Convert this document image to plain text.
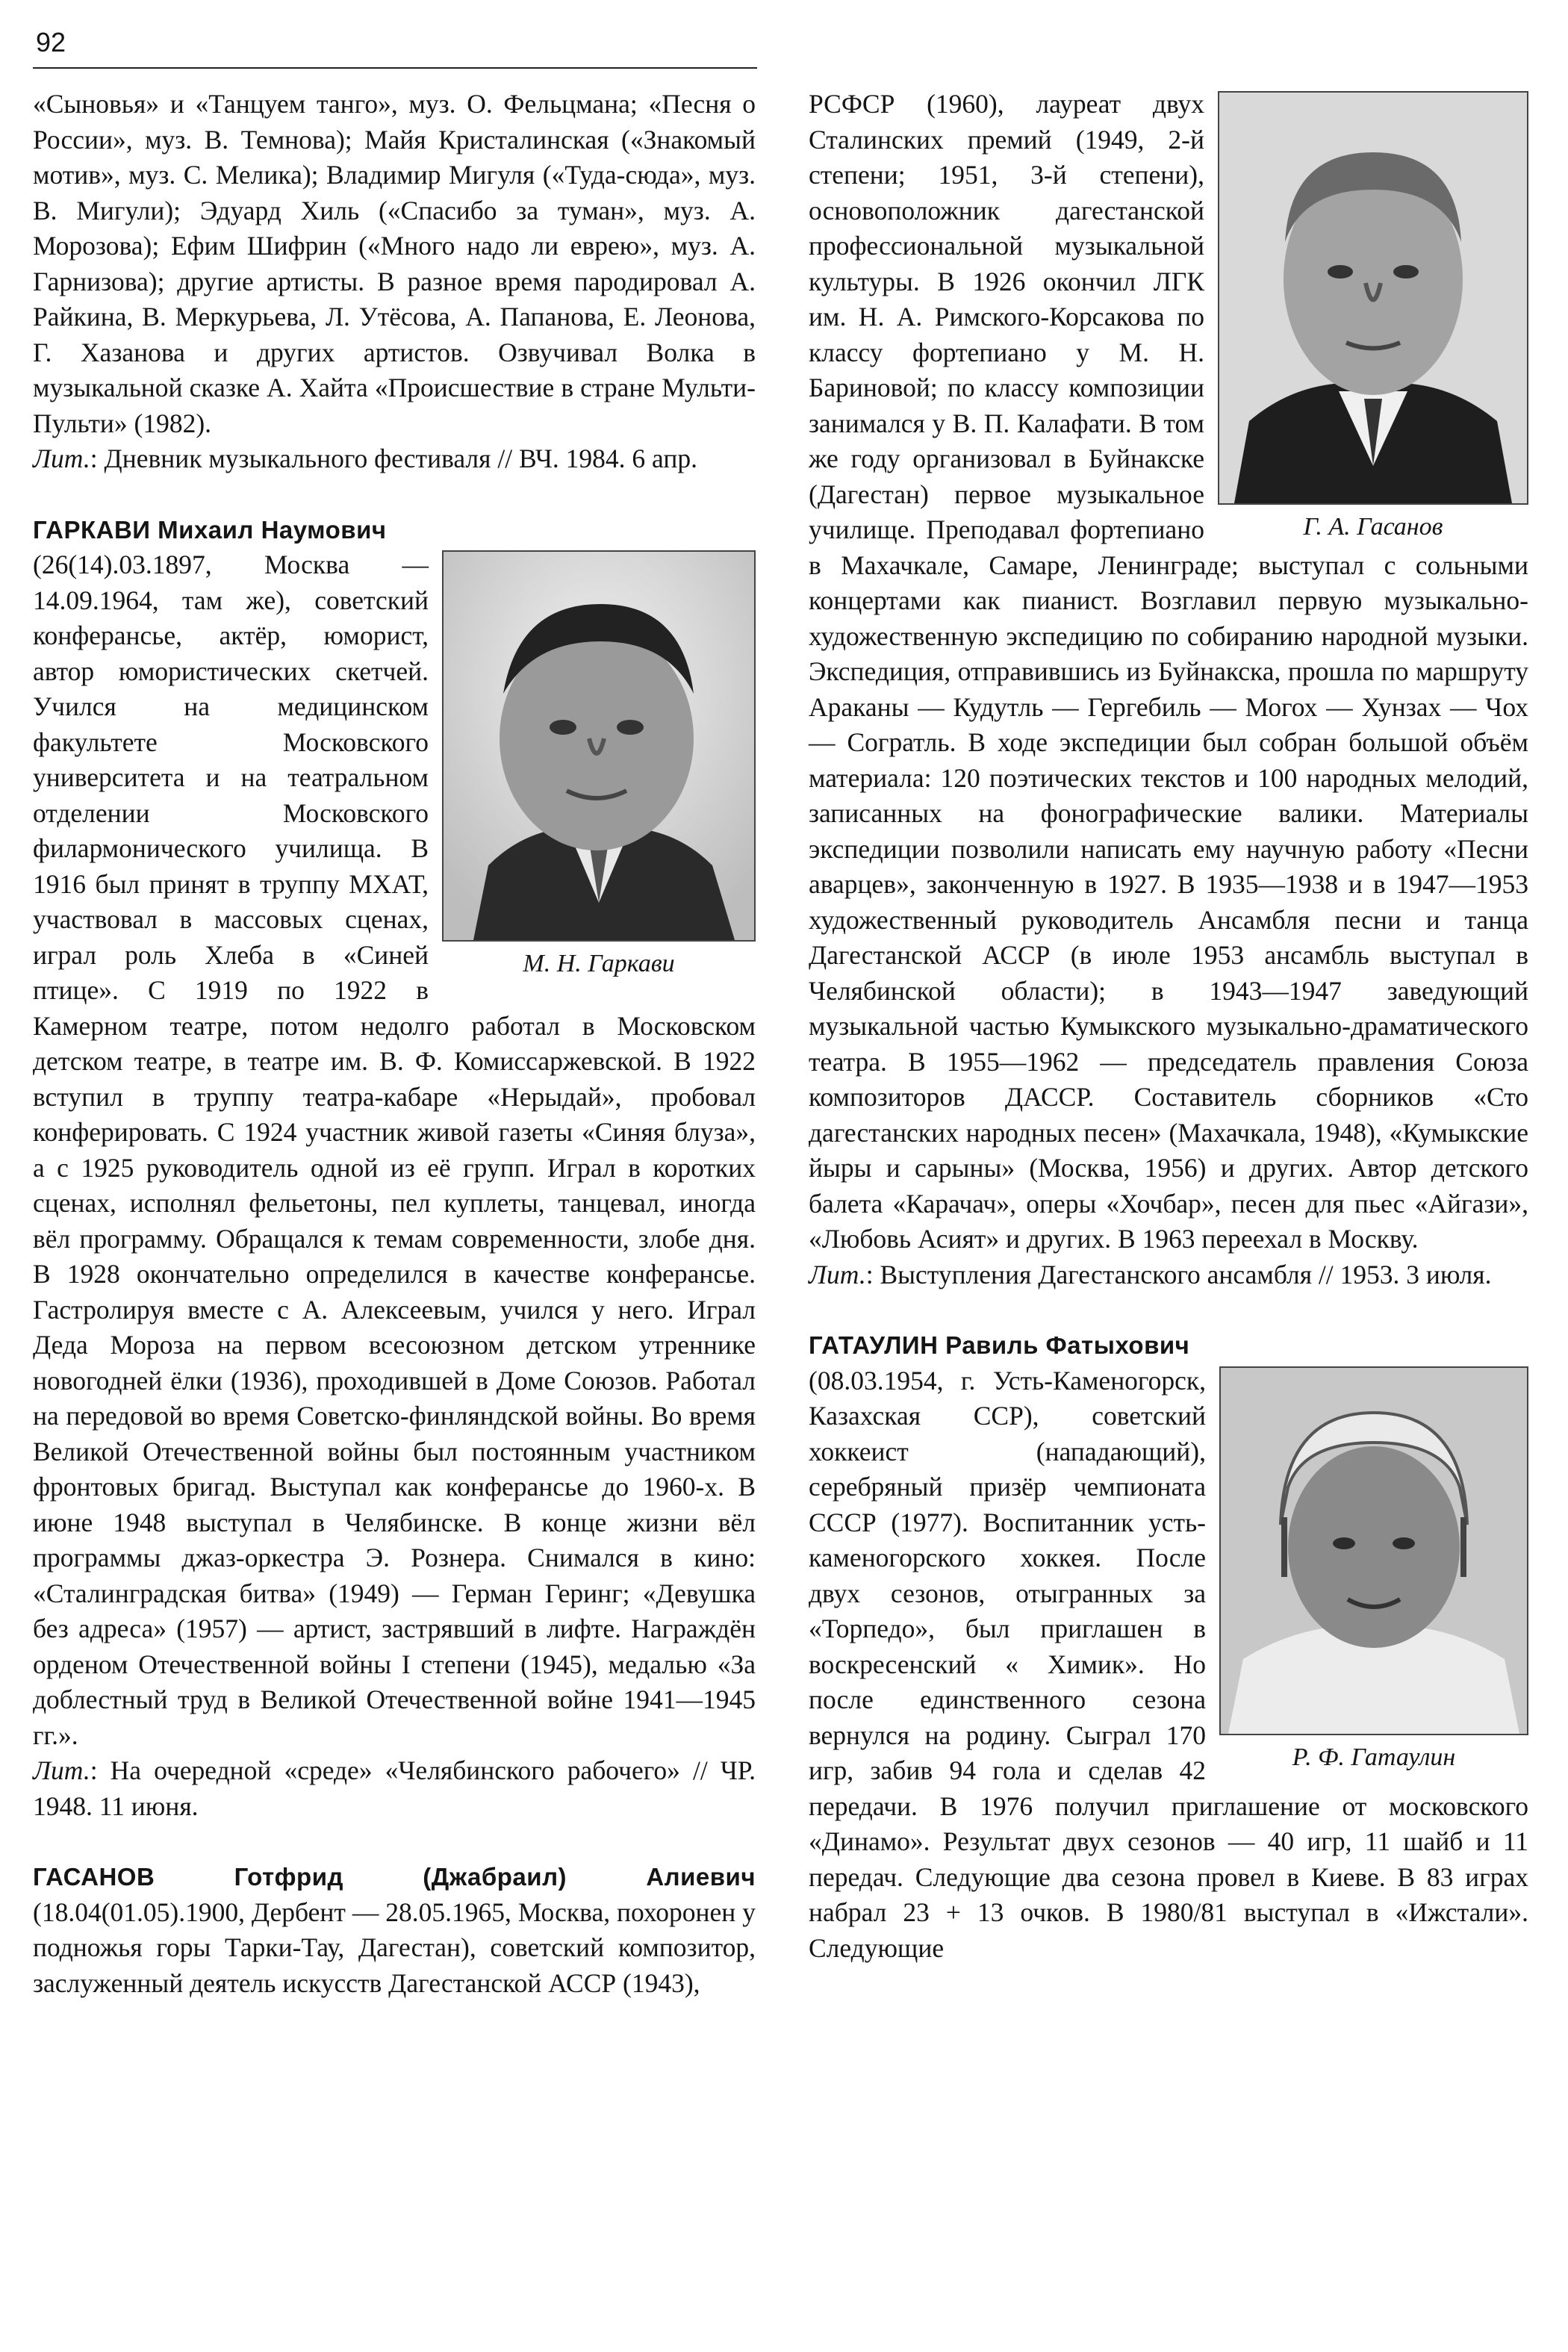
92

«Сыновья» и «Танцуем танго», муз. О. Фельцмана; «Песня о России», муз. В. Темнова); Майя Кристалинская («Знакомый мотив», муз. С. Мелика); Владимир Мигуля («Туда-сюда», муз. В. Мигули); Эдуард Хиль («Спасибо за туман», муз. А. Морозова); Ефим Шифрин («Много надо ли еврею», муз. А. Гарнизова); другие артисты. В разное время пародировал А. Райкина, В. Меркурьева, Л. Утёсова, А. Папанова, Е. Леонова, Г. Хазанова и других артистов. Озвучивал Волка в музыкальной сказке А. Хайта «Происшествие в стране Мульти-Пульти» (1982).

Лит.: Дневник музыкального фестиваля // ВЧ. 1984. 6 апр.

ГАРКАВИ Михаил Наумович

М. Н. Гаркави

(26(14).03.1897, Москва — 14.09.1964, там же), советский конферансье, актёр, юморист, автор юмористических скетчей. Учился на медицинском факультете Московского университета и на театральном отделении Московского филармонического училища. В 1916 был принят в труппу МХАТ, участвовал в массовых сценах, играл роль Хлеба в «Синей птице». С 1919 по 1922 в Камерном театре, потом недолго работал в Московском детском театре, в театре им. В. Ф. Комиссаржевской. В 1922 вступил в труппу театра-кабаре «Нерыдай», пробовал конферировать. С 1924 участник живой газеты «Синяя блуза», а с 1925 руководитель одной из её групп. Играл в коротких сценах, исполнял фельетоны, пел куплеты, танцевал, иногда вёл программу. Обращался к темам современности, злобе дня. В 1928 окончательно определился в качестве конферансье. Гастролируя вместе с А. Алексеевым, учился у него. Играл Деда Мороза на первом всесоюзном детском утреннике новогодней ёлки (1936), проходившей в Доме Союзов. Работал на передовой во время Советско-финляндской войны. Во время Великой Отечественной войны был постоянным участником фронтовых бригад. Выступал как конферансье до 1960-х. В июне 1948 выступал в Челябинске. В конце жизни вёл программы джаз-оркестра Э. Рознера. Снимался в кино: «Сталинградская битва» (1949) — Герман Геринг; «Девушка без адреса» (1957) — артист, застрявший в лифте. Награждён орденом Отечественной войны I степени (1945), медалью «За доблестный труд в Великой Отечественной войне 1941—1945 гг.».

Лит.: На очередной «среде» «Челябинского рабочего» // ЧР. 1948. 11 июня.

ГАСАНОВ Готфрид (Джабраил) Алиевич (18.04(01.05).1900, Дербент — 28.05.1965, Москва, похоронен у подножья горы Тарки-Тау, Дагестан), советский композитор, заслуженный деятель искусств Дагестанской АССР (1943),

Г. А. Гасанов

РСФСР (1960), лауреат двух Сталинских премий (1949, 2-й степени; 1951, 3-й степени), основоположник дагестанской профессиональной музыкальной культуры. В 1926 окончил ЛГК им. Н. А. Римского-Корсакова по классу фортепиано у М. Н. Бариновой; по классу композиции занимался у В. П. Калафати. В том же году организовал в Буйнакске (Дагестан) первое музыкальное училище. Преподавал фортепиано в Махачкале, Самаре, Ленинграде; выступал с сольными концертами как пианист. Возглавил первую музыкально-художественную экспедицию по собиранию народной музыки. Экспедиция, отправившись из Буйнакска, прошла по маршруту Араканы — Кудутль — Гергебиль — Могох — Хунзах — Чох — Согратль. В ходе экспедиции был собран большой объём материала: 120 поэтических текстов и 100 народных мелодий, записанных на фонографические валики. Материалы экспедиции позволили написать ему научную работу «Песни аварцев», законченную в 1927. В 1935—1938 и в 1947—1953 художественный руководитель Ансамбля песни и танца Дагестанской АССР (в июле 1953 ансамбль выступал в Челябинской области); в 1943—1947 заведующий музыкальной частью Кумыкского музыкально-драматического театра. В 1955—1962 — председатель правления Союза композиторов ДАССР. Составитель сборников «Сто дагестанских народных песен» (Махачкала, 1948), «Кумыкские йыры и сарыны» (Москва, 1956) и других. Автор детского балета «Карачач», оперы «Хочбар», песен для пьес «Айгази», «Любовь Асият» и других. В 1963 переехал в Москву.

Лит.: Выступления Дагестанского ансамбля // 1953. 3 июля.

ГАТАУЛИН Равиль Фатыхович

Р. Ф. Гатаулин

(08.03.1954, г. Усть-Каменогорск, Казахская ССР), советский хоккеист (нападающий), серебряный призёр чемпионата СССР (1977). Воспитанник усть-каменогорского хоккея. После двух сезонов, отыгранных за «Торпедо», был приглашен в воскресенский « Химик». Но после единственного сезона вернулся на родину. Сыграл 170 игр, забив 94 гола и сделав 42 передачи. В 1976 получил приглашение от московского «Динамо». Результат двух сезонов — 40 игр, 11 шайб и 11 передач. Следующие два сезона провел в Киеве. В 83 играх набрал 23 + 13 очков. В 1980/81 выступал в «Ижстали». Следующие
